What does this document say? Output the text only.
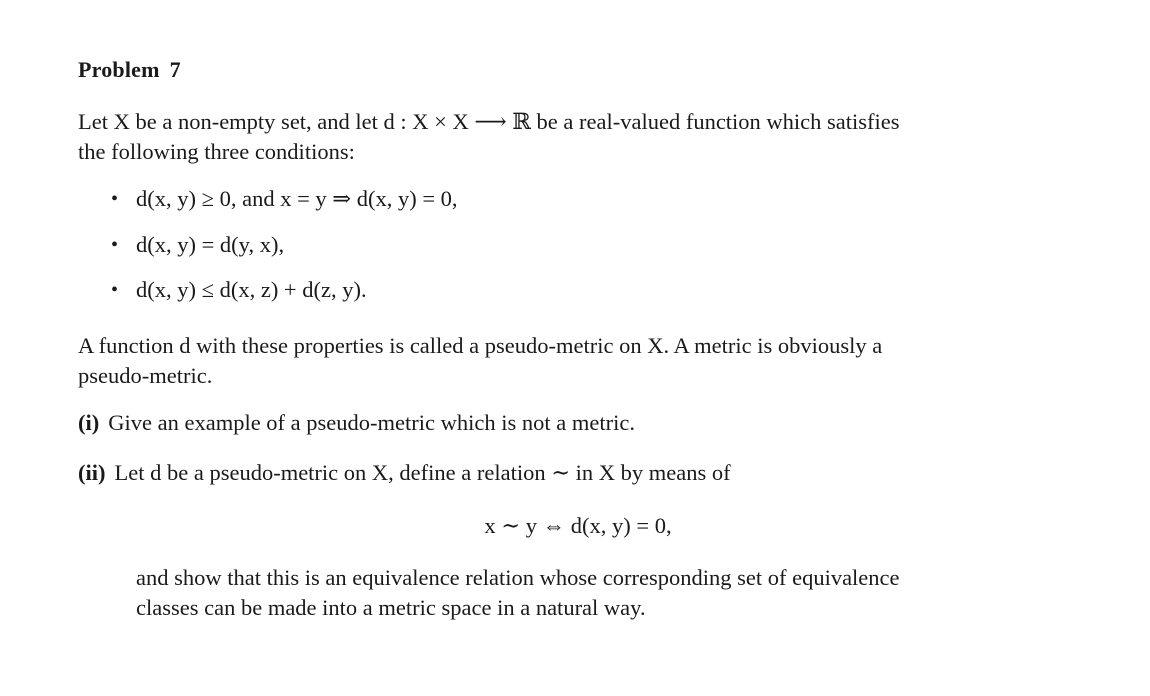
Problem 7
Let X be a non-empty set, and let d : X × X ⟶ ℝ be a real-valued function which satisfies
the following three conditions:
• d(x, y) ≥ 0, and x = y ⇒ d(x, y) = 0,
• d(x, y) = d(y, x),
• d(x, y) ≤ d(x, z) + d(z, y).
A function d with these properties is called a pseudo-metric on X. A metric is obviously a
pseudo-metric.
(i) Give an example of a pseudo-metric which is not a metric.
(ii) Let d be a pseudo-metric on X, define a relation ∼ in X by means of
x ∼ y ⇔ d(x, y) = 0,
and show that this is an equivalence relation whose corresponding set of equivalence
classes can be made into a metric space in a natural way.
